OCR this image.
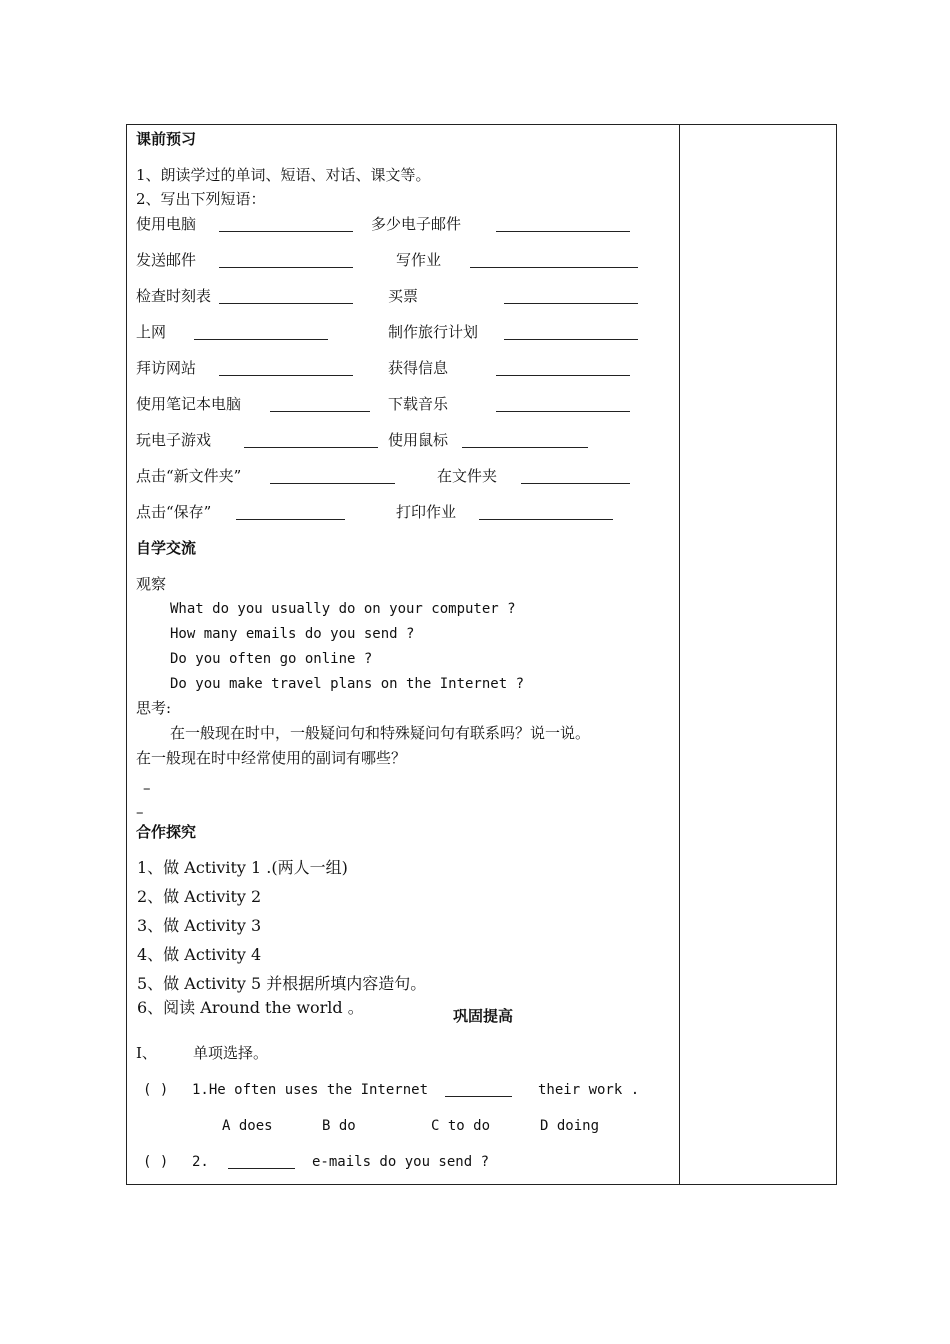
课前预习
1、朗读学过的单词、短语、对话、课文等。
2、写出下列短语：
使用电脑	多少电子邮件
发送邮件	写作业
检查时刻表	买票
上网	制作旅行计划
拜访网站	获得信息
使用笔记本电脑	下载音乐
玩电子游戏	使用鼠标
点击“新文件夹”	在文件夹
点击“保存”	打印作业
自学交流
观察
What do you usually do on your computer ?
How many emails do you send ?
Do you often go online ?
Do you make travel plans on the Internet ?
思考:
在一般现在时中，一般疑问句和特殊疑问句有联系吗？说一说。
在一般现在时中经常使用的副词有哪些？
–
–
合作探究
1、做 Activity 1 .(两人一组)
2、做 Activity 2
3、做 Activity 3
4、做 Activity 4
5、做 Activity 5 并根据所填内容造句。
6、阅读 Around the world 。	巩固提高
I、 单项选择。
( ) 1.He often uses the Internet	their work .
A does	B do	C to do	D doing
( ) 2.	e-mails do you send ?
